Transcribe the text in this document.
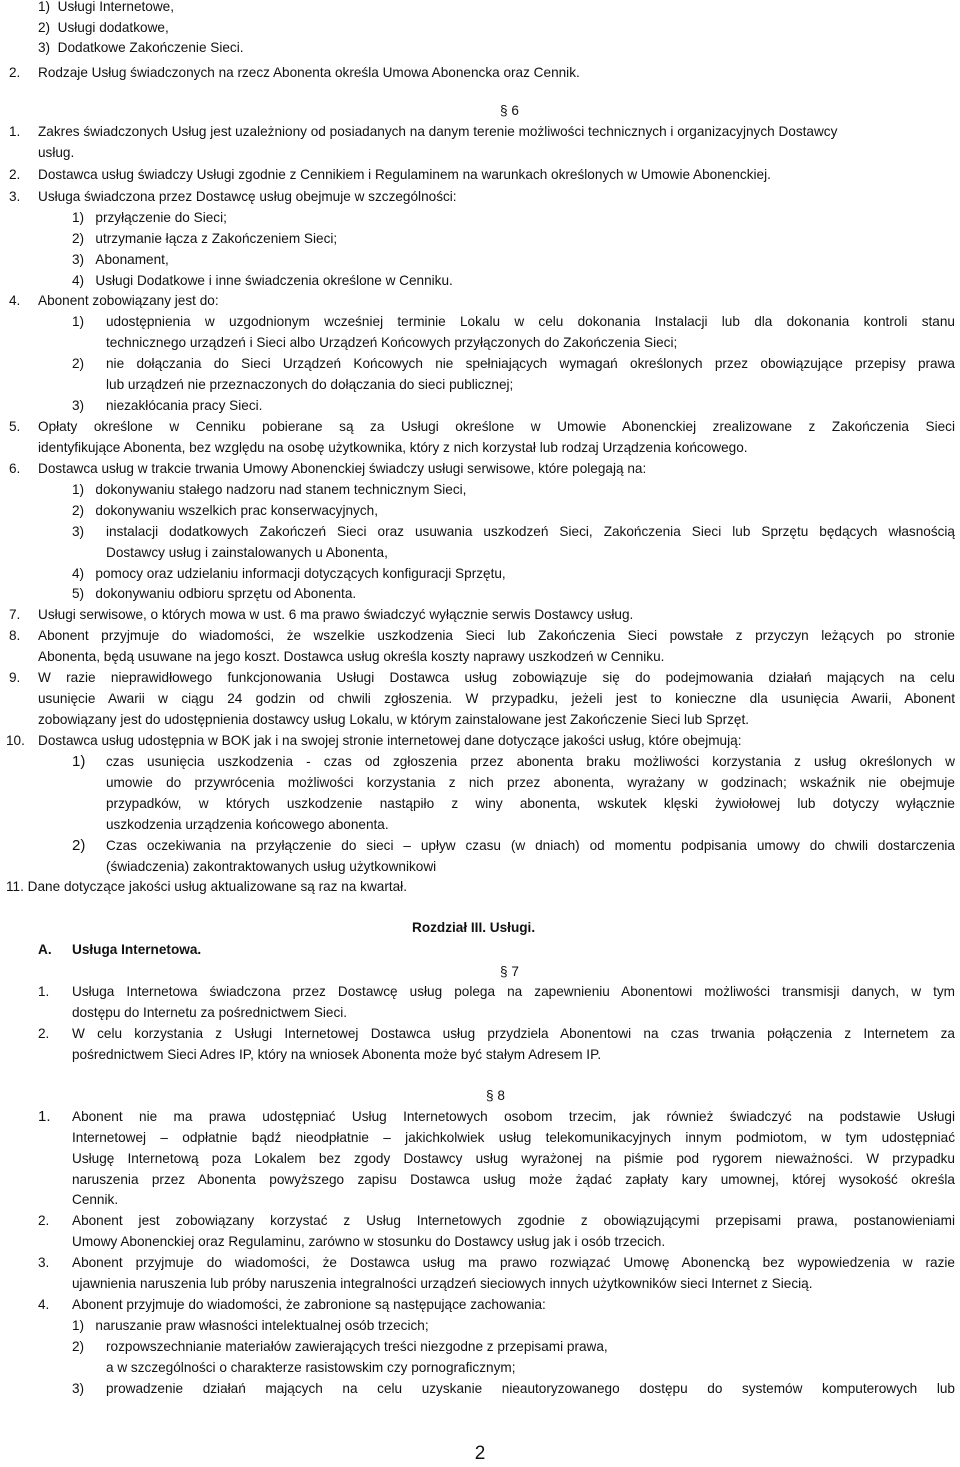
1)  Usługi Internetowe,
2)  Usługi dodatkowe,
3)  Dodatkowe Zakończenie Sieci.
2. Rodzaje Usług świadczonych na rzecz Abonenta określa Umowa Abonencka oraz Cennik.
§ 6
1. Zakres świadczonych Usług jest uzależniony od posiadanych na danym terenie możliwości technicznych i organizacyjnych Dostawcy
usług.
2. Dostawca usług świadczy Usługi zgodnie z Cennikiem i Regulaminem na warunkach określonych w Umowie Abonenckiej.
3. Usługa świadczona przez Dostawcę usług obejmuje w szczególności:
1)   przyłączenie do Sieci;
2)   utrzymanie łącza z Zakończeniem Sieci;
3)   Abonament,
4)   Usługi Dodatkowe i inne świadczenia określone w Cenniku.
4. Abonent zobowiązany jest do:
1) udostępnienia w uzgodnionym wcześniej terminie Lokalu w celu dokonania Instalacji lub dla dokonania kontroli stanu
technicznego urządzeń i Sieci albo Urządzeń Końcowych przyłączonych do Zakończenia Sieci;
2) nie dołączania do Sieci Urządzeń Końcowych nie spełniających wymagań określonych przez obowiązujące przepisy prawa
lub urządzeń nie przeznaczonych do dołączania do sieci publicznej;
3) niezakłócania pracy Sieci.
5. Opłaty określone w Cenniku pobierane są za Usługi określone w Umowie Abonenckiej zrealizowane z Zakończenia Sieci
identyfikujące Abonenta, bez względu na osobę użytkownika, który z nich korzystał lub rodzaj Urządzenia końcowego.
6. Dostawca usług w trakcie trwania Umowy Abonenckiej świadczy usługi serwisowe, które polegają na:
1)   dokonywaniu stałego nadzoru nad stanem technicznym Sieci,
2)   dokonywaniu wszelkich prac konserwacyjnych,
3) instalacji dodatkowych Zakończeń Sieci oraz usuwania uszkodzeń Sieci, Zakończenia Sieci lub Sprzętu będących własnością
Dostawcy usług i zainstalowanych u Abonenta,
4)   pomocy oraz udzielaniu informacji dotyczących konfiguracji Sprzętu,
5)   dokonywaniu odbioru sprzętu od Abonenta.
7. Usługi serwisowe, o których mowa w ust. 6 ma prawo świadczyć wyłącznie serwis Dostawcy usług.
8. Abonent przyjmuje do wiadomości, że wszelkie uszkodzenia Sieci lub Zakończenia Sieci powstałe z przyczyn leżących po stronie
Abonenta, będą usuwane na jego koszt. Dostawca usług określa koszty naprawy uszkodzeń w Cenniku.
9. W razie nieprawidłowego funkcjonowania Usługi Dostawca usług zobowiązuje się do podejmowania działań mających na celu
usunięcie Awarii w ciągu 24 godzin od chwili zgłoszenia. W przypadku, jeżeli jest to konieczne dla usunięcia Awarii, Abonent
zobowiązany jest do udostępnienia dostawcy usług Lokalu, w którym zainstalowane jest Zakończenie Sieci lub Sprzęt.
10. Dostawca usług udostępnia w BOK jak i na swojej stronie internetowej dane dotyczące jakości usług, które obejmują:
1) czas usunięcia uszkodzenia - czas od zgłoszenia przez abonenta braku możliwości korzystania z usług określonych w
umowie do przywrócenia możliwości korzystania z nich przez abonenta, wyrażany w godzinach; wskaźnik nie obejmuje
przypadków, w których uszkodzenie nastąpiło z winy abonenta, wskutek klęski żywiołowej lub dotyczy wyłącznie
uszkodzenia urządzenia końcowego abonenta.
2) Czas oczekiwania na przyłączenie do sieci – upływ czasu (w dniach) od momentu podpisania umowy do chwili dostarczenia
(świadczenia) zakontraktowanych usług użytkownikowi
11. Dane dotyczące jakości usług aktualizowane są raz na kwartał.
Rozdział III. Usługi.
A. Usługa Internetowa.
§ 7
1. Usługa Internetowa świadczona przez Dostawcę usług polega na zapewnieniu Abonentowi możliwości transmisji danych, w tym
dostępu do Internetu za pośrednictwem Sieci.
2. W celu korzystania z Usługi Internetowej Dostawca usług przydziela Abonentowi na czas trwania połączenia z Internetem za
pośrednictwem Sieci Adres IP, który na wniosek Abonenta może być stałym Adresem IP.
§ 8
1. Abonent nie ma prawa udostępniać Usług Internetowych osobom trzecim, jak również świadczyć na podstawie Usługi
Internetowej – odpłatnie bądź nieodpłatnie – jakichkolwiek usług telekomunikacyjnych innym podmiotom, w tym udostępniać
Usługę Internetową poza Lokalem bez zgody Dostawcy usług wyrażonej na piśmie pod rygorem nieważności. W przypadku
naruszenia przez Abonenta powyższego zapisu Dostawca usług może żądać zapłaty kary umownej, której wysokość określa
Cennik.
2. Abonent jest zobowiązany korzystać z Usług Internetowych zgodnie z obowiązującymi przepisami prawa, postanowieniami
Umowy Abonenckiej oraz Regulaminu, zarówno w stosunku do Dostawcy usług jak i osób trzecich.
3. Abonent przyjmuje do wiadomości, że Dostawca usług ma prawo rozwiązać Umowę Abonencką bez wypowiedzenia w razie
ujawnienia naruszenia lub próby naruszenia integralności urządzeń sieciowych innych użytkowników sieci Internet z Siecią.
4. Abonent przyjmuje do wiadomości, że zabronione są następujące zachowania:
1)   naruszanie praw własności intelektualnej osób trzecich;
2) rozpowszechnianie materiałów zawierających treści niezgodne z przepisami prawa,
a w szczególności o charakterze rasistowskim czy pornograficznym;
3) prowadzenie działań mających na celu uzyskanie nieautoryzowanego dostępu do systemów komputerowych lub
2
